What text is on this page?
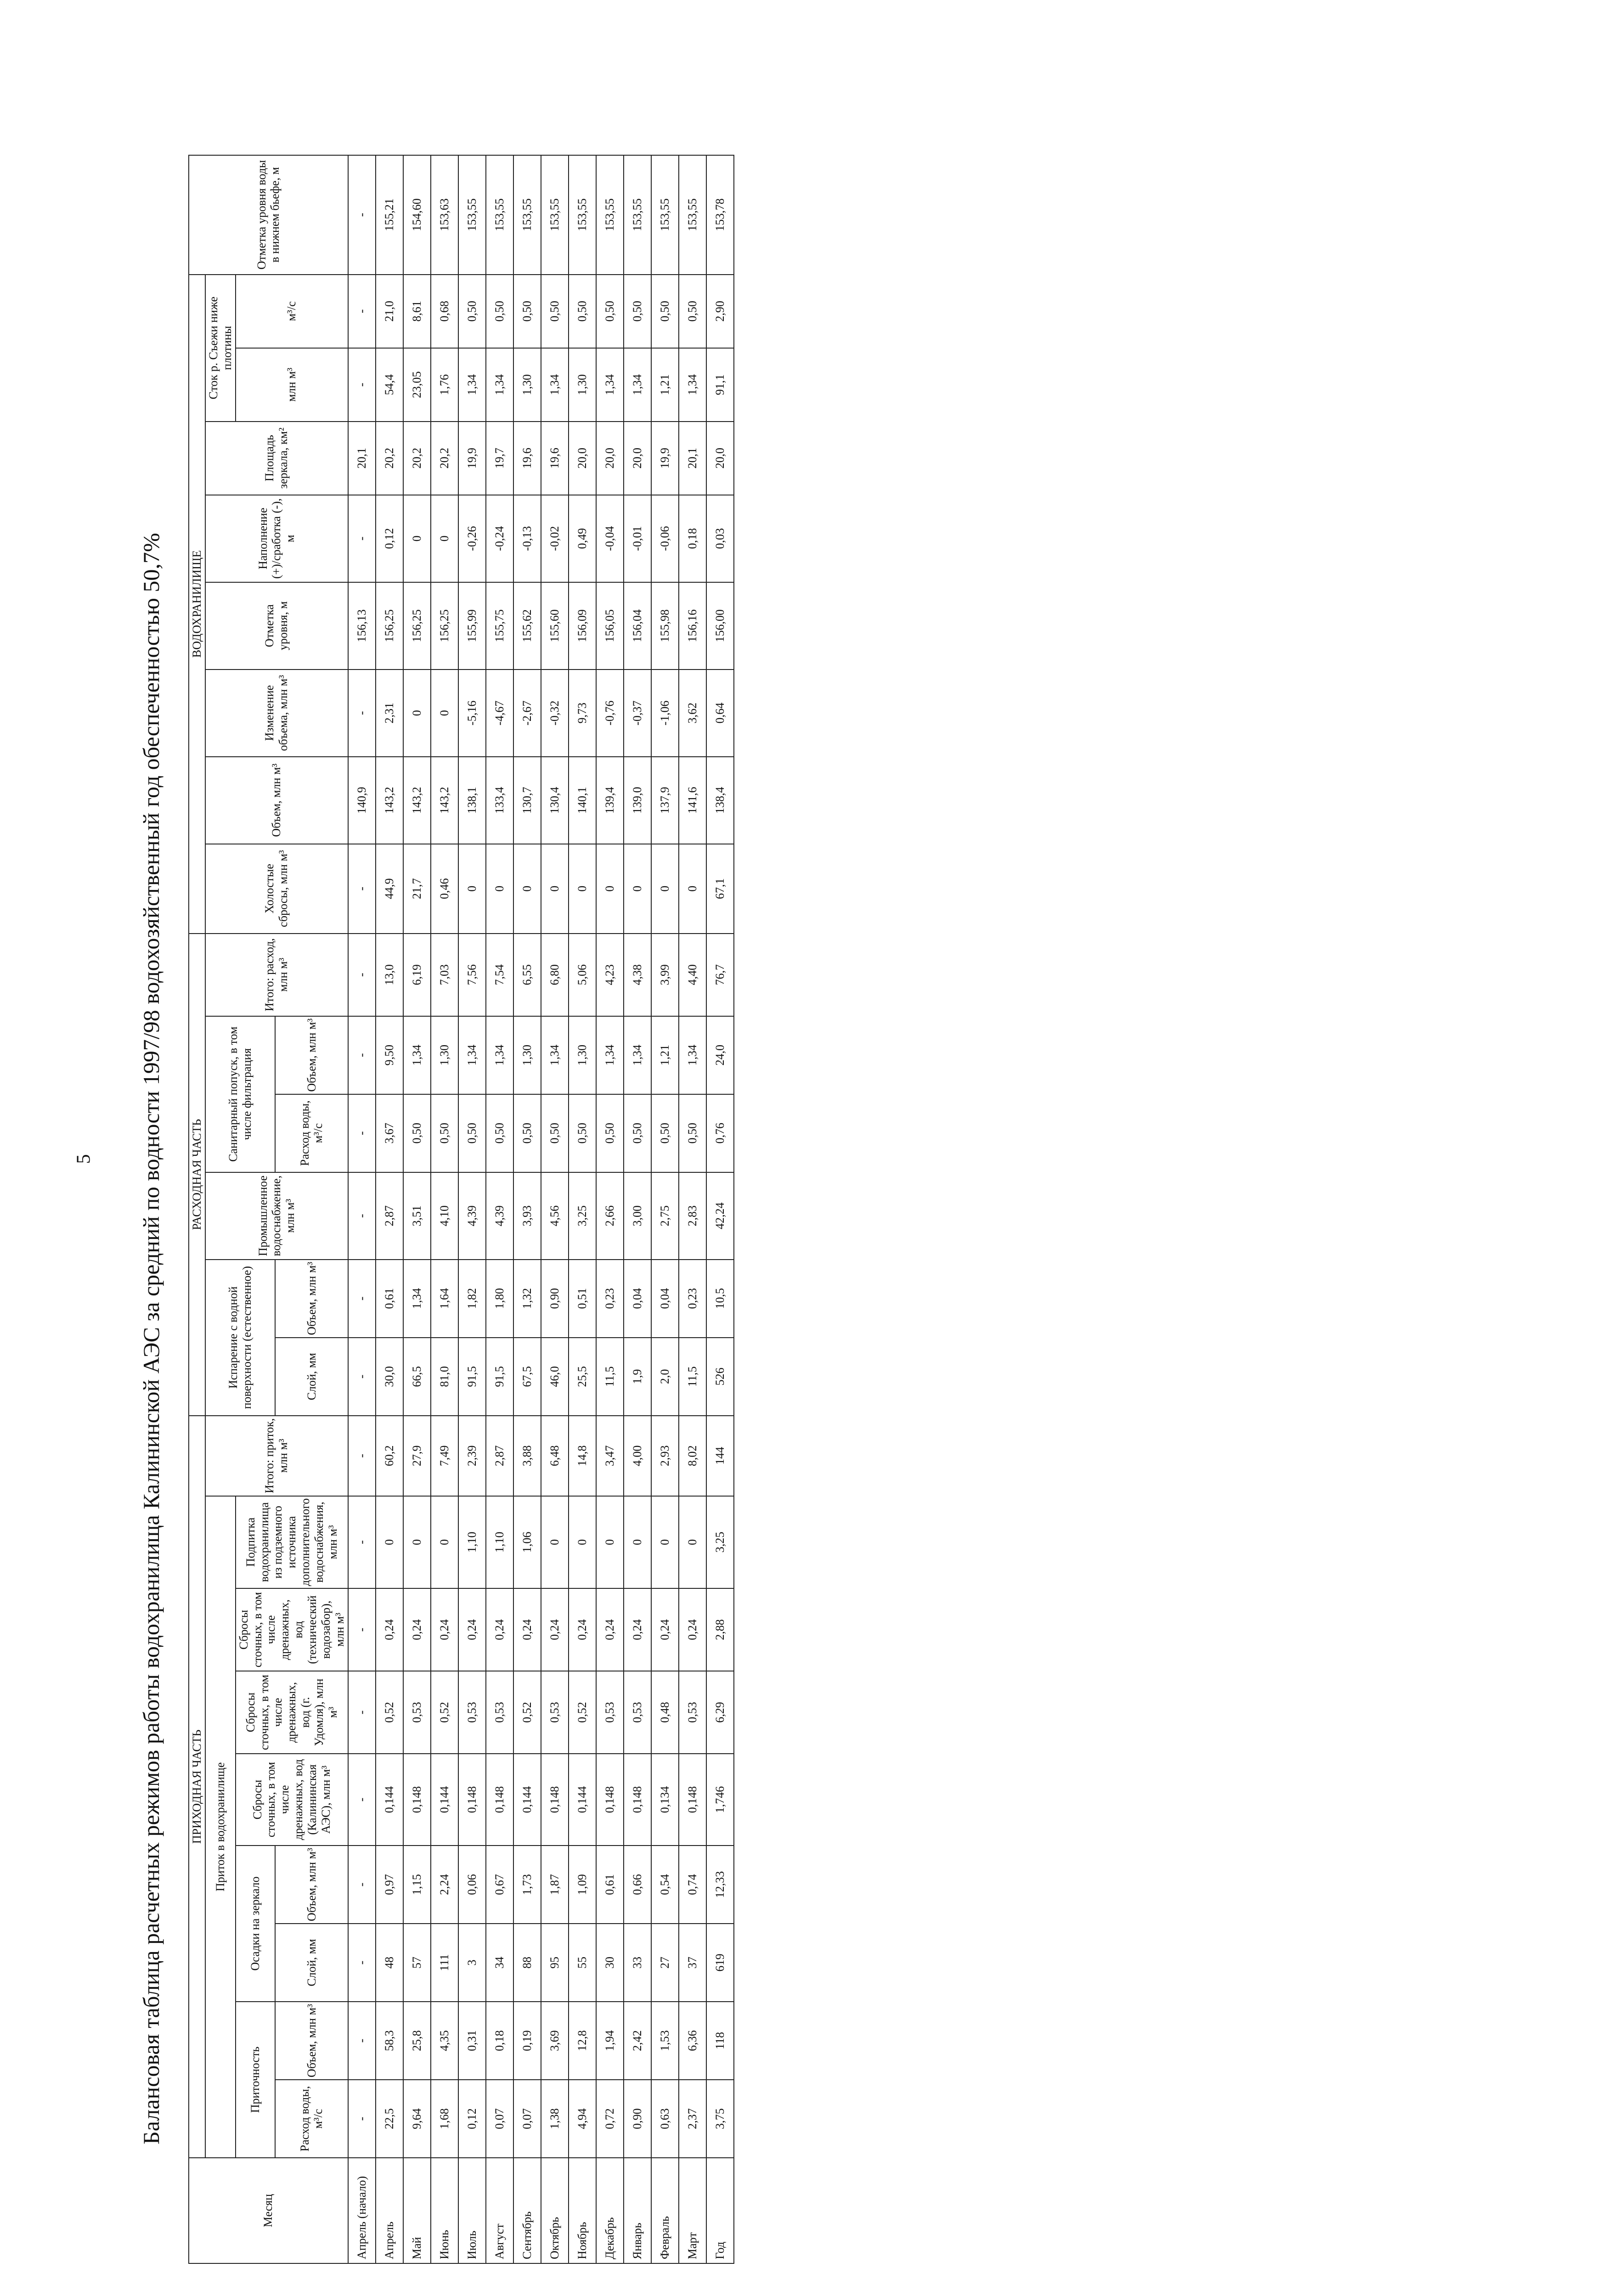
5 Балансовая таблица расчетных режимов работы водохранилища Калининской АЭС за средний по водности 1997/98 водохозяйственный год обеспеченностью 50,7%
Месяц	ПРИХОДНАЯ ЧАСТЬ									РАСХОДНАЯ ЧАСТЬ						ВОДОХРАНИЛИЩЕ								Отметка уровня воды в нижнем бьефе, м
	Приток в водохранилище								Итого: приток, млн м³	Испарение с водной поверхности (естественное)		Промышленное водоснабжение, млн м³	Санитарный попуск, в том числе фильтрация		Итого: расход, млн м³	Холостые сбросы, млн м³	Объем, млн м³	Изменение объема, млн м³	Отметка уровня, м	Наполнение (+)/сработка (-), м	Площадь зеркала, км²	Сток р. Съежи ниже плотины		
	Приточность		Осадки на зеркало		Сбросы сточных, в том числе дренажных, вод (Калининская АЭС), млн м³	Сбросы сточных, в том числе дренажных, вод (г. Удомля), млн м³	Сбросы сточных, в том числе дренажных, вод (технический водозабор), млн м³	Подпитка водохранилища из подземного источника дополнительного водоснабжения, млн м³														млн м³	м³/с	
	Расход воды, м³/с	Объем, млн м³	Слой, мм	Объем, млн м³						Слой, мм	Объем, млн м³		Расход воды, м³/с	Объем, млн м³										
Апрель (начало)	-	-	-	-	-	-	-	-	-	-	-	-	-	-	-	-	140,9	-	156,13	-	20,1	-	-	-
Апрель	22,5	58,3	48	0,97	0,144	0,52	0,24	0	60,2	30,0	0,61	2,87	3,67	9,50	13,0	44,9	143,2	2,31	156,25	0,12	20,2	54,4	21,0	155,21
Май	9,64	25,8	57	1,15	0,148	0,53	0,24	0	27,9	66,5	1,34	3,51	0,50	1,34	6,19	21,7	143,2	0	156,25	0	20,2	23,05	8,61	154,60
Июнь	1,68	4,35	111	2,24	0,144	0,52	0,24	0	7,49	81,0	1,64	4,10	0,50	1,30	7,03	0,46	143,2	0	156,25	0	20,2	1,76	0,68	153,63
Июль	0,12	0,31	3	0,06	0,148	0,53	0,24	1,10	2,39	91,5	1,82	4,39	0,50	1,34	7,56	0	138,1	-5,16	155,99	-0,26	19,9	1,34	0,50	153,55
Август	0,07	0,18	34	0,67	0,148	0,53	0,24	1,10	2,87	91,5	1,80	4,39	0,50	1,34	7,54	0	133,4	-4,67	155,75	-0,24	19,7	1,34	0,50	153,55
Сентябрь	0,07	0,19	88	1,73	0,144	0,52	0,24	1,06	3,88	67,5	1,32	3,93	0,50	1,30	6,55	0	130,7	-2,67	155,62	-0,13	19,6	1,30	0,50	153,55
Октябрь	1,38	3,69	95	1,87	0,148	0,53	0,24	0	6,48	46,0	0,90	4,56	0,50	1,34	6,80	0	130,4	-0,32	155,60	-0,02	19,6	1,34	0,50	153,55
Ноябрь	4,94	12,8	55	1,09	0,144	0,52	0,24	0	14,8	25,5	0,51	3,25	0,50	1,30	5,06	0	140,1	9,73	156,09	0,49	20,0	1,30	0,50	153,55
Декабрь	0,72	1,94	30	0,61	0,148	0,53	0,24	0	3,47	11,5	0,23	2,66	0,50	1,34	4,23	0	139,4	-0,76	156,05	-0,04	20,0	1,34	0,50	153,55
Январь	0,90	2,42	33	0,66	0,148	0,53	0,24	0	4,00	1,9	0,04	3,00	0,50	1,34	4,38	0	139,0	-0,37	156,04	-0,01	20,0	1,34	0,50	153,55
Февраль	0,63	1,53	27	0,54	0,134	0,48	0,24	0	2,93	2,0	0,04	2,75	0,50	1,21	3,99	0	137,9	-1,06	155,98	-0,06	19,9	1,21	0,50	153,55
Март	2,37	6,36	37	0,74	0,148	0,53	0,24	0	8,02	11,5	0,23	2,83	0,50	1,34	4,40	0	141,6	3,62	156,16	0,18	20,1	1,34	0,50	153,55
Год	3,75	118	619	12,33	1,746	6,29	2,88	3,25	144	526	10,5	42,24	0,76	24,0	76,7	67,1	138,4	0,64	156,00	0,03	20,0	91,1	2,90	153,78
